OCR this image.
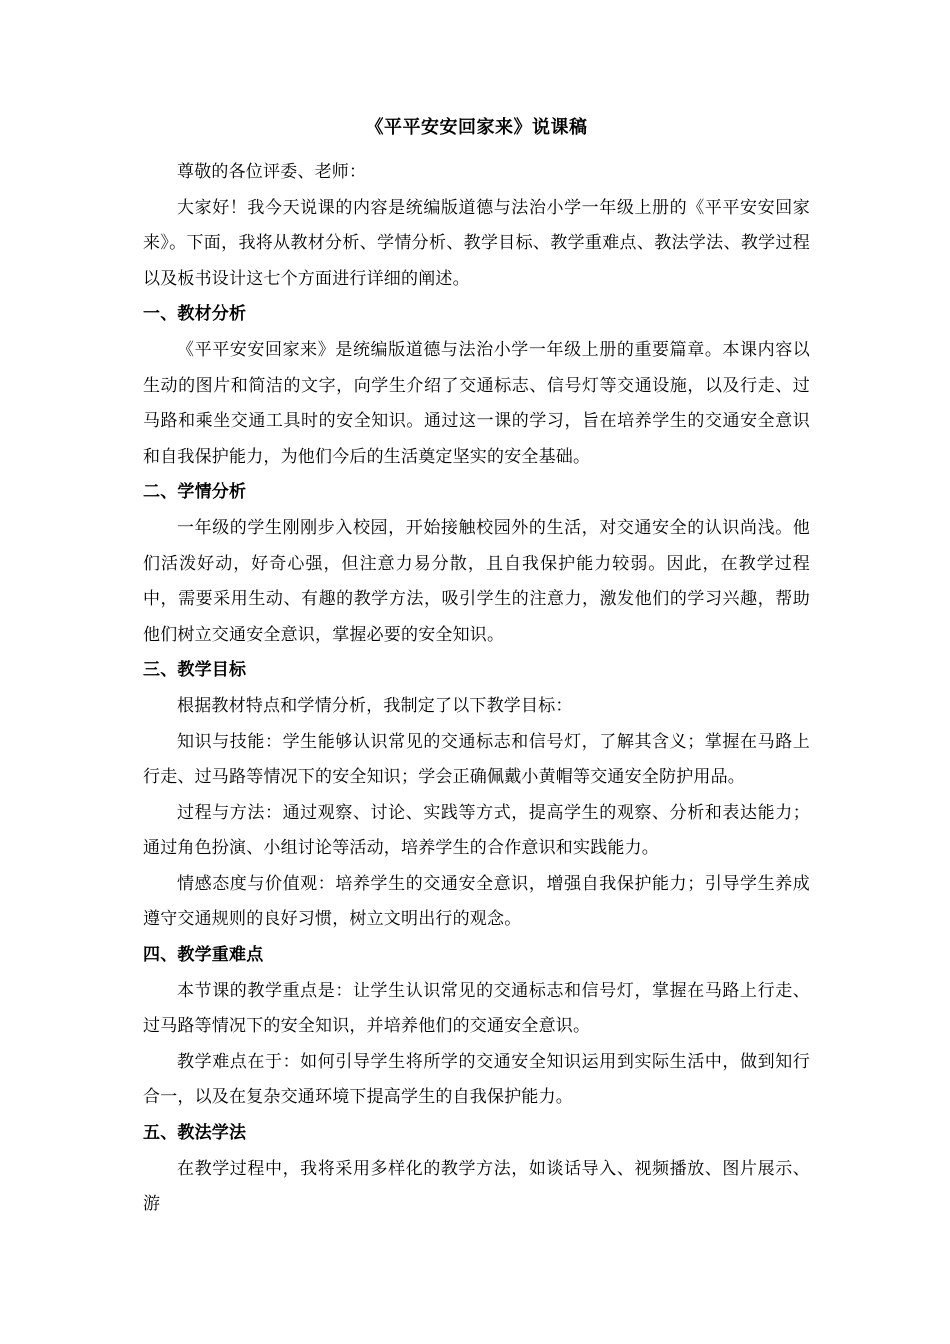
《平平安安回家来》说课稿

尊敬的各位评委、老师：

大家好！我今天说课的内容是统编版道德与法治小学一年级上册的《平平安安回家来》。下面，我将从教材分析、学情分析、教学目标、教学重难点、教法学法、教学过程以及板书设计这七个方面进行详细的阐述。

一、教材分析

《平平安安回家来》是统编版道德与法治小学一年级上册的重要篇章。本课内容以生动的图片和简洁的文字，向学生介绍了交通标志、信号灯等交通设施，以及行走、过马路和乘坐交通工具时的安全知识。通过这一课的学习，旨在培养学生的交通安全意识和自我保护能力，为他们今后的生活奠定坚实的安全基础。

二、学情分析

一年级的学生刚刚步入校园，开始接触校园外的生活，对交通安全的认识尚浅。他们活泼好动，好奇心强，但注意力易分散，且自我保护能力较弱。因此，在教学过程中，需要采用生动、有趣的教学方法，吸引学生的注意力，激发他们的学习兴趣，帮助他们树立交通安全意识，掌握必要的安全知识。

三、教学目标

根据教材特点和学情分析，我制定了以下教学目标：

知识与技能：学生能够认识常见的交通标志和信号灯，了解其含义；掌握在马路上行走、过马路等情况下的安全知识；学会正确佩戴小黄帽等交通安全防护用品。

过程与方法：通过观察、讨论、实践等方式，提高学生的观察、分析和表达能力；通过角色扮演、小组讨论等活动，培养学生的合作意识和实践能力。

情感态度与价值观：培养学生的交通安全意识，增强自我保护能力；引导学生养成遵守交通规则的良好习惯，树立文明出行的观念。

四、教学重难点

本节课的教学重点是：让学生认识常见的交通标志和信号灯，掌握在马路上行走、过马路等情况下的安全知识，并培养他们的交通安全意识。

教学难点在于：如何引导学生将所学的交通安全知识运用到实际生活中，做到知行合一，以及在复杂交通环境下提高学生的自我保护能力。

五、教法学法

在教学过程中，我将采用多样化的教学方法，如谈话导入、视频播放、图片展示、游
